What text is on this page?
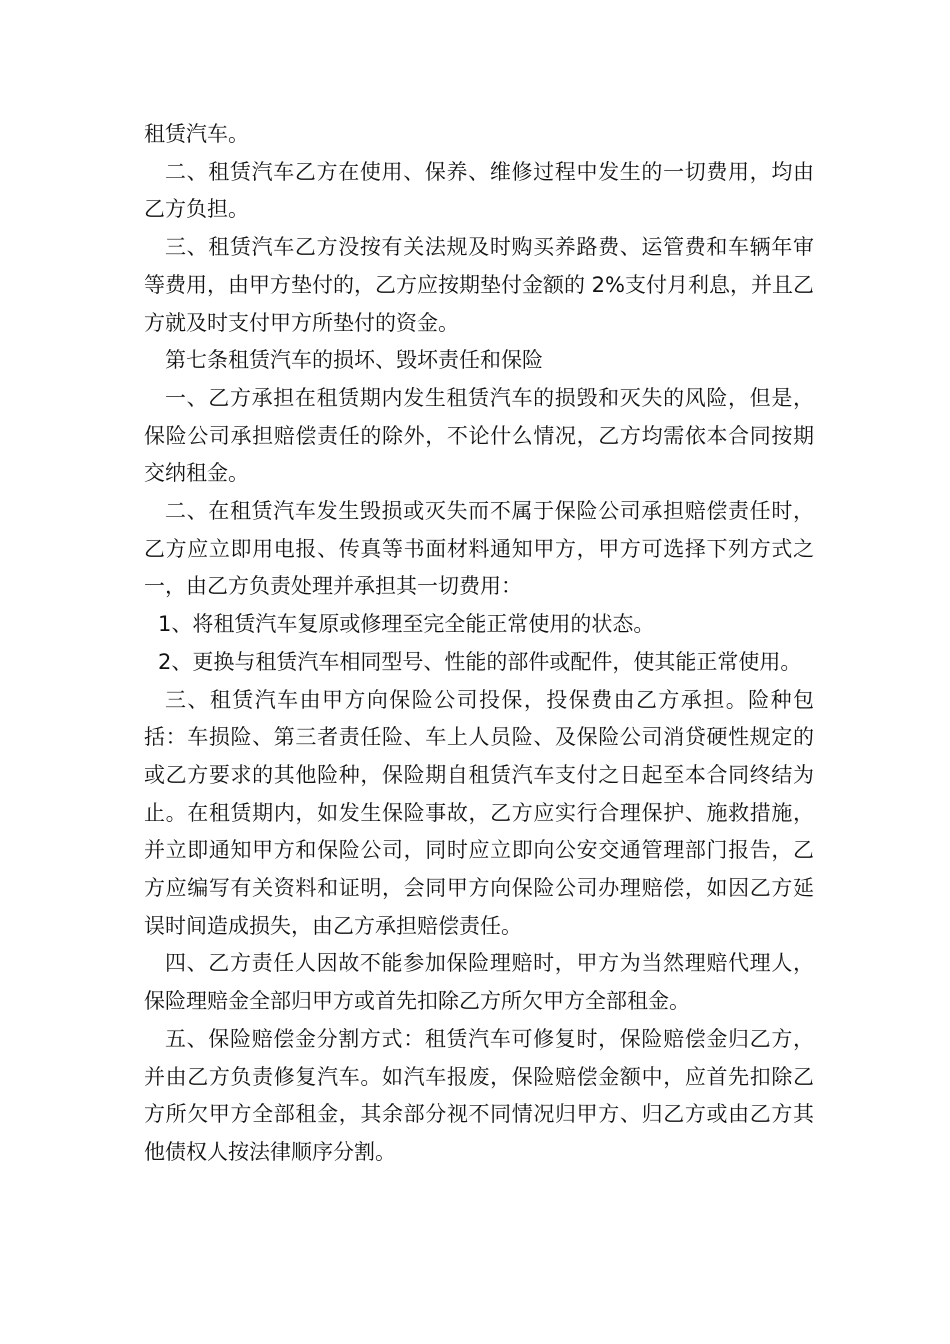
租赁汽车。

二、租赁汽车乙方在使用、保养、维修过程中发生的一切费用，均由乙方负担。

三、租赁汽车乙方没按有关法规及时购买养路费、运管费和车辆年审等费用，由甲方垫付的，乙方应按期垫付金额的 2%支付月利息，并且乙方就及时支付甲方所垫付的资金。

第七条租赁汽车的损坏、毁坏责任和保险

一、乙方承担在租赁期内发生租赁汽车的损毁和灭失的风险，但是，保险公司承担赔偿责任的除外，不论什么情况，乙方均需依本合同按期交纳租金。

二、在租赁汽车发生毁损或灭失而不属于保险公司承担赔偿责任时，乙方应立即用电报、传真等书面材料通知甲方，甲方可选择下列方式之一，由乙方负责处理并承担其一切费用：

1、将租赁汽车复原或修理至完全能正常使用的状态。

2、更换与租赁汽车相同型号、性能的部件或配件，使其能正常使用。

三、租赁汽车由甲方向保险公司投保，投保费由乙方承担。险种包括：车损险、第三者责任险、车上人员险、及保险公司消贷硬性规定的或乙方要求的其他险种，保险期自租赁汽车支付之日起至本合同终结为止。在租赁期内，如发生保险事故，乙方应实行合理保护、施救措施，并立即通知甲方和保险公司，同时应立即向公安交通管理部门报告，乙方应编写有关资料和证明，会同甲方向保险公司办理赔偿，如因乙方延误时间造成损失，由乙方承担赔偿责任。

四、乙方责任人因故不能参加保险理赔时，甲方为当然理赔代理人，保险理赔金全部归甲方或首先扣除乙方所欠甲方全部租金。

五、保险赔偿金分割方式：租赁汽车可修复时，保险赔偿金归乙方，并由乙方负责修复汽车。如汽车报废，保险赔偿金额中，应首先扣除乙方所欠甲方全部租金，其余部分视不同情况归甲方、归乙方或由乙方其他债权人按法律顺序分割。
